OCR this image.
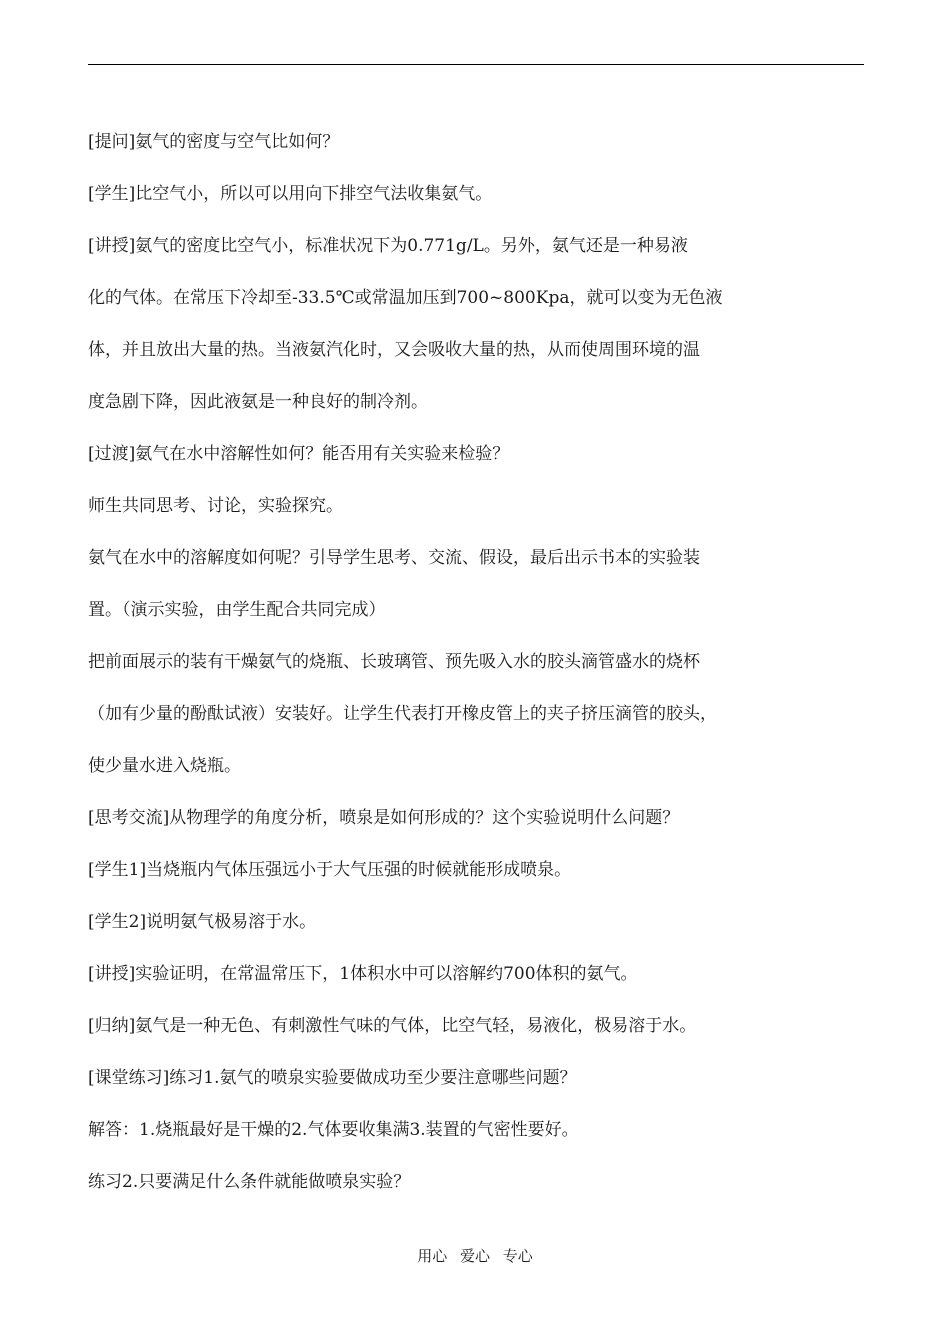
[提问]氨气的密度与空气比如何？
[学生]比空气小，所以可以用向下排空气法收集氨气。
[讲授]氨气的密度比空气小，标准状况下为0.771g/L。另外，氨气还是一种易液
化的气体。在常压下冷却至-33.5℃或常温加压到700~800Kpa，就可以变为无色液
体，并且放出大量的热。当液氨汽化时，又会吸收大量的热，从而使周围环境的温
度急剧下降，因此液氨是一种良好的制冷剂。
[过渡]氨气在水中溶解性如何？能否用有关实验来检验？
师生共同思考、讨论，实验探究。
氨气在水中的溶解度如何呢？引导学生思考、交流、假设，最后出示书本的实验装
置。（演示实验，由学生配合共同完成）
把前面展示的装有干燥氨气的烧瓶、长玻璃管、预先吸入水的胶头滴管盛水的烧杯
（加有少量的酚酞试液）安装好。让学生代表打开橡皮管上的夹子挤压滴管的胶头，
使少量水进入烧瓶。
[思考交流]从物理学的角度分析，喷泉是如何形成的？这个实验说明什么问题？
[学生1]当烧瓶内气体压强远小于大气压强的时候就能形成喷泉。
[学生2]说明氨气极易溶于水。
[讲授]实验证明，在常温常压下，1体积水中可以溶解约700体积的氨气。
[归纳]氨气是一种无色、有刺激性气味的气体，比空气轻，易液化，极易溶于水。
[课堂练习]练习1.氨气的喷泉实验要做成功至少要注意哪些问题？
解答：1.烧瓶最好是干燥的2.气体要收集满3.装置的气密性要好。
练习2.只要满足什么条件就能做喷泉实验？
用心 爱心 专心
